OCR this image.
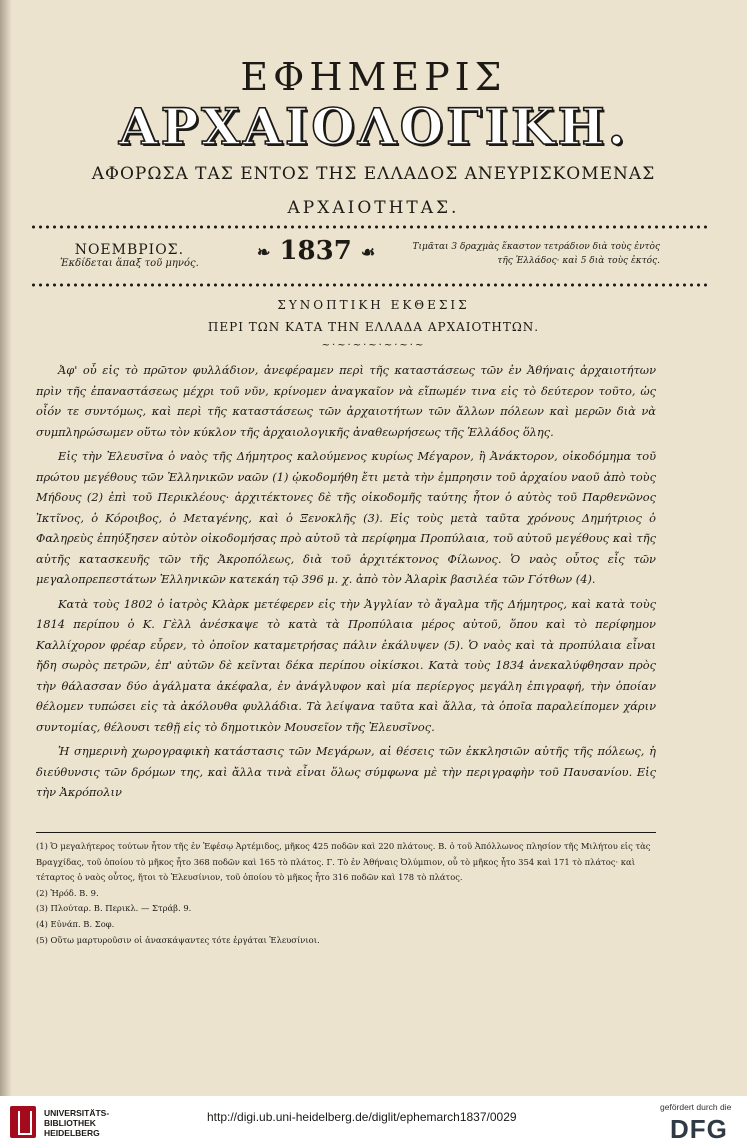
ΕΦΗΜΕΡΙΣ
ΑΡΧΑΙΟΛΟΓΙΚΗ.
ΑΦΟΡΩΣΑ ΤΑΣ ΕΝΤΟΣ ΤΗΣ ΕΛΛΑΔΟΣ ΑΝΕΥΡΙΣΚΟΜΕΝΑΣ
ΑΡΧΑΙΟΤΗΤΑΣ.
ΝΟΕΜΒΡΙΟΣ.
Ἐκδίδεται ἅπαξ τοῦ μηνός.
❧ 1837 ☙	Τιμᾶται 3 δραχμὰς ἕκαστον τετράδιον διὰ τοὺς ἐντὸς τῆς Ἑλλάδος· καὶ 5 διὰ τοὺς ἐκτός.
ΣΥΝΟΠΤΙΚΗ ΕΚΘΕΣΙΣ
ΠΕΡΙ ΤΩΝ ΚΑΤΑ ΤΗΝ ΕΛΛΑΔΑ ΑΡΧΑΙΟΤΗΤΩΝ.
~·~·~·~·~·~·~

Ἀφ' οὗ εἰς τὸ πρῶτον φυλλάδιον, ἀνεφέραμεν περὶ τῆς καταστάσεως τῶν ἐν Ἀθήναις ἀρχαιοτήτων πρὶν τῆς ἐπαναστάσεως μέχρι τοῦ νῦν, κρίνομεν ἀναγκαῖον νὰ εἴπωμέν τινα εἰς τὸ δεύτερον τοῦτο, ὡς οἷόν τε συντόμως, καὶ περὶ τῆς καταστάσεως τῶν ἀρχαιοτήτων τῶν ἄλλων πόλεων καὶ μερῶν διὰ νὰ συμπληρώσωμεν οὕτω τὸν κύκλον τῆς ἀρχαιολογικῆς ἀναθεωρήσεως τῆς Ἑλλάδος ὅλης.

Εἰς τὴν Ἐλευσῖνα ὁ ναὸς τῆς Δήμητρος καλούμενος κυρίως Μέγαρον, ἢ Ἀνάκτορον, οἰκοδόμημα τοῦ πρώτου μεγέθους τῶν Ἑλληνικῶν ναῶν (1) ᾠκοδομήθη ἔτι μετὰ τὴν ἐμπρησιν τοῦ ἀρχαίου ναοῦ ἀπὸ τοὺς Μήδους (2) ἐπὶ τοῦ Περικλέους· ἀρχιτέκτονες δὲ τῆς οἰκοδομῆς ταύτης ἦτον ὁ αὐτὸς τοῦ Παρθενῶνος Ἰκτῖνος, ὁ Κόροιβος, ὁ Μεταγένης, καὶ ὁ Ξενοκλῆς (3). Εἰς τοὺς μετὰ ταῦτα χρόνους Δημήτριος ὁ Φαληρεὺς ἐπηύξησεν αὐτὸν οἰκοδομήσας πρὸ αὐτοῦ τὰ περίφημα Προπύλαια, τοῦ αὐτοῦ μεγέθους καὶ τῆς αὐτῆς κατασκευῆς τῶν τῆς Ἀκροπόλεως, διὰ τοῦ ἀρχιτέκτονος Φίλωνος. Ὁ ναὸς οὗτος εἷς τῶν μεγαλοπρεπεστάτων Ἑλληνικῶν κατεκάη τῷ 396 μ. χ. ἀπὸ τὸν Ἀλαρὶκ βασιλέα τῶν Γότθων (4).

Κατὰ τοὺς 1802 ὁ ἰατρὸς Κλὰρκ μετέφερεν εἰς τὴν Ἀγγλίαν τὸ ἄγαλμα τῆς Δήμητρος, καὶ κατὰ τοὺς 1814 περίπου ὁ Κ. Γὲλλ ἀνέσκαψε τὸ κατὰ τὰ Προπύλαια μέρος αὐτοῦ, ὅπου καὶ τὸ περίφημον Καλλίχορον φρέαρ εὗρεν, τὸ ὁποῖον καταμετρήσας πάλιν ἐκάλυψεν (5). Ὁ ναὸς καὶ τὰ προπύλαια εἶναι ἤδη σωρὸς πετρῶν, ἐπ' αὐτῶν δὲ κεῖνται δέκα περίπου οἰκίσκοι. Κατὰ τοὺς 1834 ἀνεκαλύφθησαν πρὸς τὴν θάλασσαν δύο ἀγάλματα ἀκέφαλα, ἐν ἀνάγλυφον καὶ μία περίεργος μεγάλη ἐπιγραφή, τὴν ὁποίαν θέλομεν τυπώσει εἰς τὰ ἀκόλουθα φυλλάδια. Τὰ λείψανα ταῦτα καὶ ἄλλα, τὰ ὁποῖα παραλείπομεν χάριν συντομίας, θέλουσι τεθῇ εἰς τὸ δημοτικὸν Μουσεῖον τῆς Ἐλευσῖνος.

Ἡ σημερινὴ χωρογραφικὴ κατάστασις τῶν Μεγάρων, αἱ θέσεις τῶν ἐκκλησιῶν αὐτῆς τῆς πόλεως, ἡ διεύθυνσις τῶν δρόμων της, καὶ ἄλλα τινὰ εἶναι ὅλως σύμφωνα μὲ τὴν περιγραφὴν τοῦ Παυσανίου. Εἰς τὴν Ἀκρόπολιν

(1) Ὁ μεγαλήτερος τούτων ἦτον τῆς ἐν Ἐφέσῳ Ἀρτέμιδος, μῆκος 425 ποδῶν καὶ 220 πλάτους. Β. ὁ τοῦ Ἀπόλλωνος πλησίον τῆς Μιλήτου εἰς τὰς Βραγχίδας, τοῦ ὁποίου τὸ μῆκος ἦτο 368 ποδῶν καὶ 165 τὸ πλάτος. Γ. Τὸ ἐν Ἀθήναις Ὀλύμπιον, οὗ τὸ μῆκος ἦτο 354 καὶ 171 τὸ πλάτος· καὶ τέταρτος ὁ ναὸς οὗτος, ἤτοι τὸ Ἐλευσίνιον, τοῦ ὁποίου τὸ μῆκος ἦτο 316 ποδῶν καὶ 178 τὸ πλάτος.

(2) Ἡρόδ. Β. 9.

(3) Πλούταρ. Β. Περικλ. — Στράβ. 9.

(4) Εὐνάπ. Β. Σοφ.

(5) Οὕτω μαρτυροῦσιν οἱ ἀνασκάψαντες τότε ἐργάται Ἐλευσίνιοι.

UNIVERSITÄTS-
BIBLIOTHEK
HEIDELBERG
http://digi.ub.uni-heidelberg.de/diglit/ephemarch1837/0029
gefördert durch die
DFG
